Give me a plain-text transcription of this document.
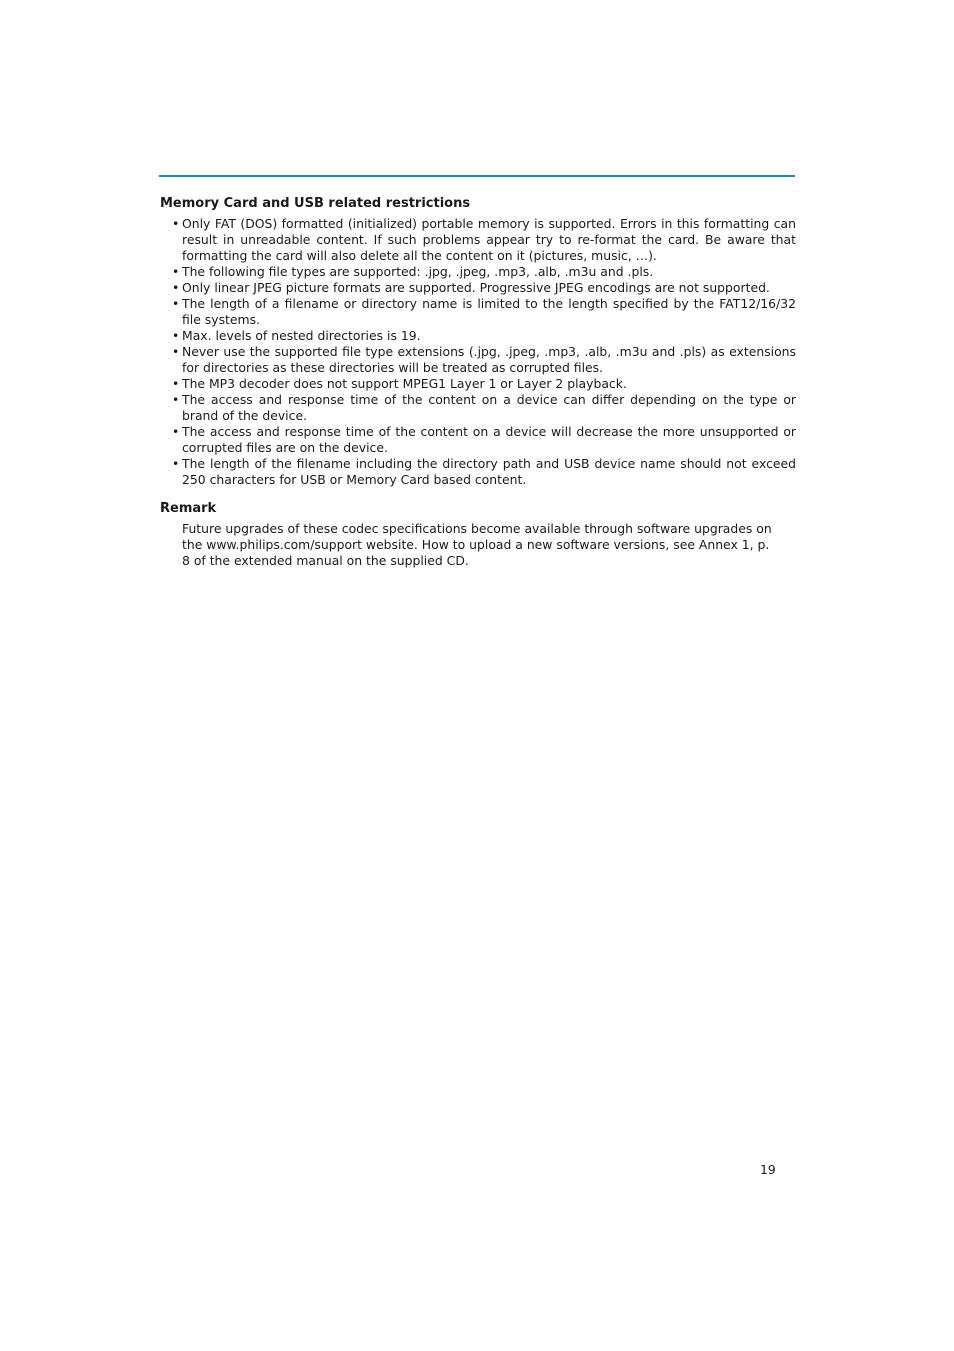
Memory Card and USB related restrictions
• Only FAT (DOS) formatted (initialized) portable memory is supported. Errors in this formatting can result in unreadable content. If such problems appear try to re-format the card. Be aware that formatting the card will also delete all the content on it (pictures, music, …).
• The following file types are supported: .jpg, .jpeg, .mp3, .alb, .m3u and .pls.
• Only linear JPEG picture formats are supported. Progressive JPEG encodings are not supported.
• The length of a filename or directory name is limited to the length specified by the FAT12/16/32 file systems.
• Max. levels of nested directories is 19.
• Never use the supported file type extensions (.jpg, .jpeg, .mp3, .alb, .m3u and .pls) as extensions for directories as these directories will be treated as corrupted files.
• The MP3 decoder does not support MPEG1 Layer 1 or Layer 2 playback.
• The access and response time of the content on a device can differ depending on the type or brand of the device.
• The access and response time of the content on a device will decrease the more unsupported or corrupted files are on the device.
• The length of the filename including the directory path and USB device name should not exceed 250 characters for USB or Memory Card based content.
Remark

Future upgrades of these codec specifications become available through software upgrades on the www.philips.com/support website. How to upload a new software versions, see Annex 1, p. 8 of the extended manual on the supplied CD.

19
